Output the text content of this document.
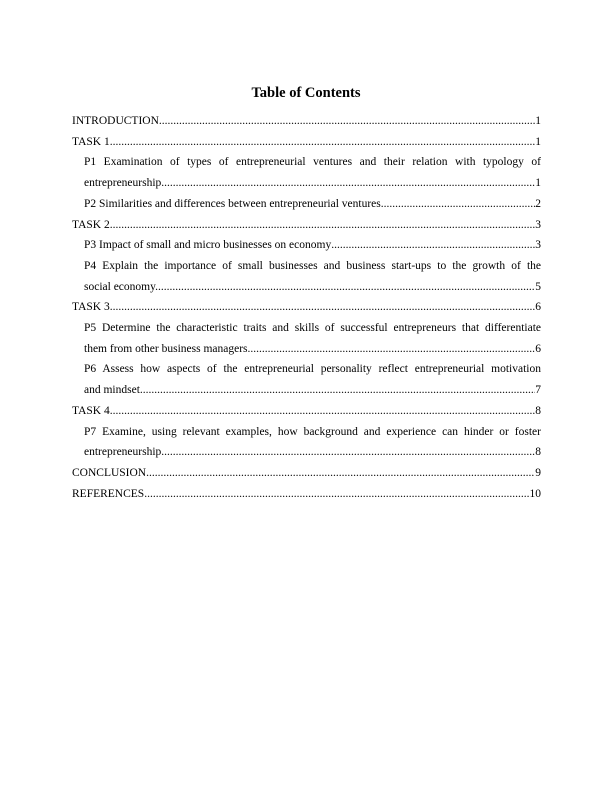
Table of Contents
INTRODUCTION .....	1
TASK 1 .....	1
P1 Examination of types of entrepreneurial ventures and their relation with typology of
entrepreneurship .....	1
P2 Similarities and differences between entrepreneurial ventures .....	2
TASK 2 .....	3
P3 Impact of small and micro businesses on economy .....	3
P4 Explain the importance of small businesses and business start-ups to the growth of the
social economy. .....	5
TASK 3 .....	6
P5 Determine the characteristic traits and skills of successful entrepreneurs that differentiate
them from other business managers .....	6
P6 Assess how aspects of the entrepreneurial personality reflect entrepreneurial motivation
and mindset .....	7
TASK 4 .....	8
P7 Examine, using relevant examples, how background and experience can hinder or foster
entrepreneurship .....	8
CONCLUSION .....	9
REFERENCES .....	10
